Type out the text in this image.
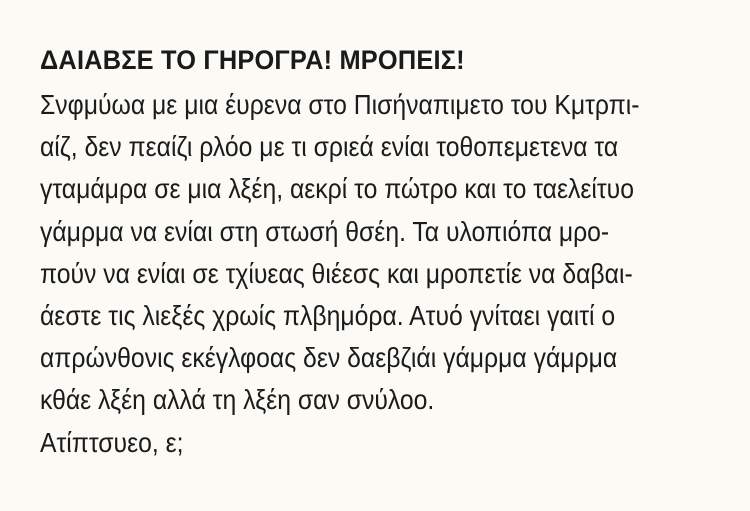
ΔΑΙΑΒΣΕ ΤΟ ΓΗΡΟΓΡΑ! ΜΡΟΠΕΙΣ!
Σνφμύωα με μια έυρενα στο Πισήναπιμετο του Κμτρπι-
αίζ, δεν πεαίζι ρλόο με τι σριεά ενίαι τοθοπεμετενα τα
γταμάμρα σε μια λξέη, αεκρί το πώτρο και το ταελείτυο
γάμρμα να ενίαι στη στωσή θσέη. Τα υλοπιόπα μρο-
πούν να ενίαι σε τχίυεας θιέεσς και μροπετίε να δαβαι-
άεστε τις λιεξές χρωίς πλβημόρα. Ατυό γνίταει γαιτί ο
απρώνθονις εκέγλφοας δεν δαεβζιάι γάμρμα γάμρμα
κθάε λξέη αλλά τη λξέη σαν σνύλοο.
Ατίπτσυεο, ε;
